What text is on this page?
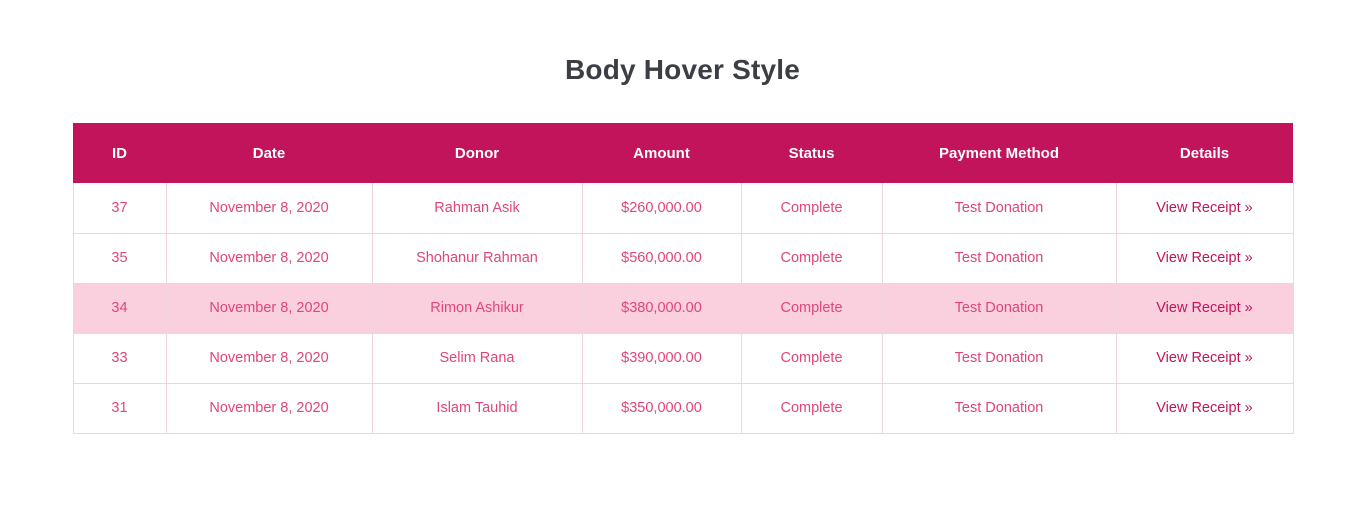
Body Hover Style
ID	Date	Donor	Amount	Status	Payment Method	Details
37	November 8, 2020	Rahman Asik	$260,000.00	Complete	Test Donation	View Receipt »
35	November 8, 2020	Shohanur Rahman	$560,000.00	Complete	Test Donation	View Receipt »
34	November 8, 2020	Rimon Ashikur	$380,000.00	Complete	Test Donation	View Receipt »
33	November 8, 2020	Selim Rana	$390,000.00	Complete	Test Donation	View Receipt »
31	November 8, 2020	Islam Tauhid	$350,000.00	Complete	Test Donation	View Receipt »
